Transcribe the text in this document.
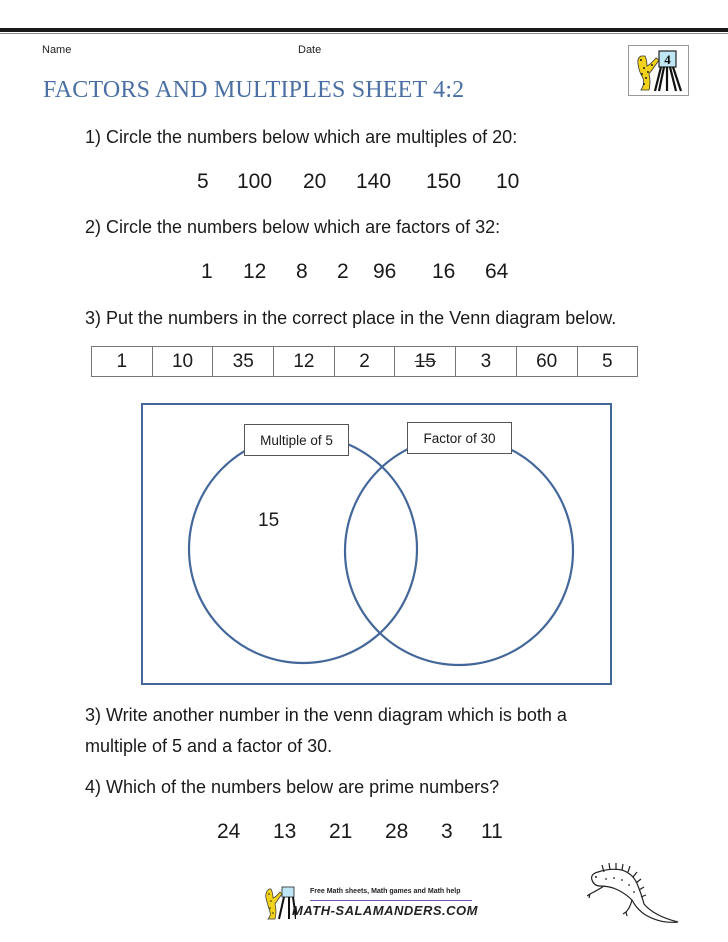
Name	Date
FACTORS AND MULTIPLES SHEET 4:2
4
1) Circle the numbers below which are multiples of 20:
5	100	20	140	150	10
2) Circle the numbers below which are factors of 32:
1	12	8	2	96	16	64
3) Put the numbers in the correct place in the Venn diagram below.
1 10 35 12 2 15 3 60 5
Multiple of 5	Factor of 30
15
3) Write another number in the venn diagram which is both a
multiple of 5 and a factor of 30.
4) Which of the numbers below are prime numbers?
24	13	21	28	3	11
Free Math sheets, Math games and Math help
MATH-SALAMANDERS.COM
